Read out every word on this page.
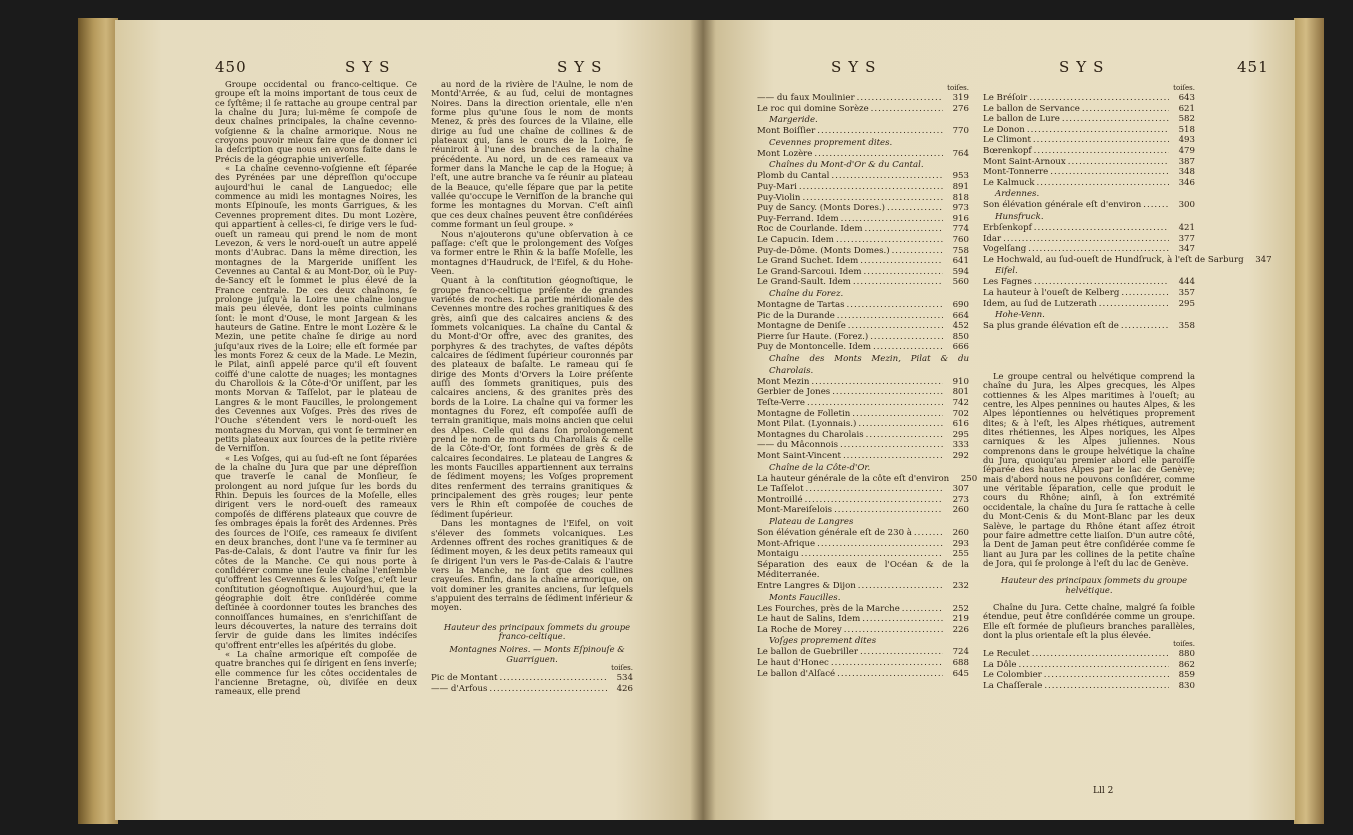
450	SYS	SYS

Groupe occidental ou franco-celtique. Ce groupe eſt la moins important de tous ceux de ce ſyſtême; il ſe rattache au groupe central par la chaîne du Jura; lui-même ſe compoſe de deux chaînes principales, la chaîne cevenno-voſgienne & la chaîne armorique. Nous ne croyons pouvoir mieux faire que de donner ici la deſcription que nous en avons faite dans le Précis de la géographie univerſelle.

« La chaîne cevenno-voſgienne eſt ſéparée des Pyrénées par une dépreſſion qu'occupe aujourd'hui le canal de Languedoc; elle commence au midi les montagnes Noires, les monts Eſpinouſe, les monts Garrigues, & les Cevennes proprement dites. Du mont Lozère, qui appartient à celles-ci, ſe dirige vers le ſud-oueſt un rameau qui prend le nom de mont Levezon, & vers le nord-oueſt un autre appelé monts d'Aubrac. Dans la même direction, les montagnes de la Margeride uniſſent les Cevennes au Cantal & au Mont-Dor, où le Puy-de-Sancy eſt le ſommet le plus élevé de la France centrale. De ces deux chaînons, ſe prolonge juſqu'à la Loire une chaîne longue mais peu élevée, dont les points culminans ſont: le mont d'Ouse, le mont Jargean & les hauteurs de Gatine. Entre le mont Lozère & le Mezin, une petite chaîne ſe dirige au nord juſqu'aux rives de la Loire; elle eſt formée par les monts Forez & ceux de la Made. Le Mezin, le Pilat, ainſi appelé parce qu'il eſt ſouvent coiffé d'une calotte de nuages; les montagnes du Charollois & la Côte-d'Or uniſſent, par les monts Morvan & Taſſelot, par le plateau de Langres & le mont Faucilles, le prolongement des Cevennes aux Voſges. Près des rives de l'Ouche s'étendent vers le nord-oueſt les montagnes du Morvan, qui vont ſe terminer en petits plateaux aux ſources de la petite rivière de Vernifſon.

« Les Voſges, qui au ſud-eſt ne ſont ſéparées de la chaîne du Jura que par une dépreſſion que traverſe le canal de Monſieur, ſe prolongent au nord juſque ſur les bords du Rhin. Depuis les ſources de la Moſelle, elles dirigent vers le nord-oueſt des rameaux compoſés de différens plateaux que couvre de ſes ombrages épais la forêt des Ardennes. Près des ſources de l'Oiſe, ces rameaux ſe diviſent en deux branches, dont l'une va ſe terminer au Pas-de-Calais, & dont l'autre va finir ſur les côtes de la Manche. Ce qui nous porte à conſidérer comme une ſeule chaîne l'enſemble qu'offrent les Cevennes & les Voſges, c'eſt leur conſtitution géognoſtique. Aujourd'hui, que la géographie doit être conſidérée comme deſtinée à coordonner toutes les branches des connoiſſances humaines, en s'enrichiſſant de leurs découvertes, la nature des terrains doit ſervir de guide dans les limites indéciſes qu'offrent entr'elles les aſpérités du globe.

« La chaîne armorique eſt compoſée de quatre branches qui ſe dirigent en ſens inverſe; elle commence ſur les côtes occidentales de l'ancienne Bretagne, où, diviſée en deux rameaux, elle prend

au nord de la rivière de l'Aulne, le nom de Montd'Arrée, & au ſud, celui de montagnes Noires. Dans la direction orientale, elle n'en forme plus qu'une ſous le nom de monts Menez, & près des ſources de la Vilaine, elle dirige au ſud une chaîne de collines & de plateaux qui, ſans le cours de la Loire, ſe réuniroit à l'une des branches de la chaîne précédente. Au nord, un de ces rameaux va former dans la Manche le cap de la Hogue; à l'eſt, une autre branche va ſe réunir au plateau de la Beauce, qu'elle ſépare que par la petite vallée qu'occupe le Vernifſon de la branche qui forme les montagnes du Morvan. C'eſt ainſi que ces deux chaînes peuvent être conſidérées comme formant un ſeul groupe. »

Nous n'ajouterons qu'une obſervation à ce paſſage: c'eſt que le prolongement des Voſges va former entre le Rhin & la baſſe Moſelle, les montagnes d'Haudruck, de l'Eifel, & du Hohe-Veen.

Quant à la conſtitution géognoſtique, le groupe franco-celtique préſente de grandes variétés de roches. La partie méridionale des Cevennes montre des roches granitiques & des grès, ainſi que des calcaires anciens & des ſommets volcaniques. La chaîne du Cantal & du Mont-d'Or offre, avec des granites, des porphyres & des trachytes, de vaſtes dépôts calcaires de ſédiment ſupérieur couronnés par des plateaux de baſalte. Le rameau qui ſe dirige des Monts d'Orvers la Loire préſente auſſi des ſommets granitiques, puis des calcaires anciens, & des granites près des bords de la Loire. La chaîne qui va former les montagnes du Forez, eſt compoſée auſſi de terrain granitique, mais moins ancien que celui des Alpes. Celle qui dans ſon prolongement prend le nom de monts du Charollais & celle de la Côte-d'Or, ſont formées de grès & de calcaires ſecondaires. Le plateau de Langres & les monts Faucilles appartiennent aux terrains de ſédiment moyens; les Voſges proprement dites renferment des terrains granitiques & principalement des grès rouges; leur pente vers le Rhin eſt compoſée de couches de ſédiment ſupérieur.

Dans les montagnes de l'Eifel, on voit s'élever des ſommets volcaniques. Les Ardennes offrent des roches granitiques & de ſédiment moyen, & les deux petits rameaux qui ſe dirigent l'un vers le Pas-de-Calais & l'autre vers la Manche, ne ſont que des collines crayeuſes. Enfin, dans la chaîne armorique, on voit dominer les granites anciens, ſur leſquels s'appuient des terrains de ſédiment inférieur & moyen.

Hauteur des principaux ſommets du groupe franco-celtique.

Montagnes Noires. — Monts Eſpinouſe & Guarriguen.

toiſes.
Pic de Montant .....	534
—— d'Arfous .....	426
SYS	SYS	451
toiſes.
—— du faux Moulinier .....	319
Le roc qui domine Sorèze .....	276
Margeride.
Mont Boiſſier .....	770
Cevennes proprement dites.
Mont Lozère .....	764
Chaînes du Mont-d'Or & du Cantal.
Plomb du Cantal .....	953
Puy-Mari .....	891
Puy-Violin .....	818
Puy de Sancy. (Monts Dores.) .....	973
Puy-Ferrand. Idem .....	916
Roc de Courlande. Idem .....	774
Le Capucin. Idem .....	760
Puy-de-Dôme. (Monts Domes.) .....	758
Le Grand Suchet. Idem .....	641
Le Grand-Sarcoui. Idem .....	594
Le Grand-Sault. Idem .....	560
Chaîne du Forez.
Montagne de Tartas .....	690
Pic de la Durande .....	664
Montagne de Deniſe .....	452
Pierre ſur Haute. (Forez.) .....	850
Puy de Montoncelle. Idem .....	666
Chaîne des Monts Mezin, Pilat & du Charolais.
Mont Mezin .....	910
Gerbier de Jones .....	801
Teſte-Verre .....	742
Montagne de Folletin .....	702
Mont Pilat. (Lyonnais.) .....	616
Montagnes du Charolais .....	295
—— du Mâconnois .....	333
Mont Saint-Vincent .....	292
Chaîne de la Côte-d'Or.
La hauteur générale de la côte eſt d'environ	250
Le Taſſelot .....	307
Montroillé .....	273
Mont-Mareiſelois .....	260
Plateau de Langres
Son élévation générale eſt de 230 à .....	260
Mont-Afrique .....	293
Montaigu .....	255
Séparation des eaux de l'Océan & de la Méditerranée.
Entre Langres & Dijon .....	232
Monts Faucilles.
Les Fourches, près de la Marche .....	252
Le haut de Salins, Idem .....	219
La Roche de Morey .....	226
Voſges proprement dites
Le ballon de Guebriller .....	724
Le haut d'Honec .....	688
Le ballon d'Alſacé .....	645
toiſes.
Le Bréſoir .....	643
Le ballon de Servance .....	621
Le ballon de Lure .....	582
Le Donon .....	518
Le Climont .....	493
Bœrenkopf .....	479
Mont Saint-Arnoux .....	387
Mont-Tonnerre .....	348
Le Kalmuck .....	346
Ardennes.
Son élévation générale eſt d'environ .....	300
Hunsfruck.
Erbſenkopf .....	421
Idar .....	377
Vogelſang .....	347
Le Hochwald, au ſud-oueſt de Hundſruck, à l'eſt de Sarburg	347
Eifel.
Les Fagnes .....	444
La hauteur à l'oueſt de Kelberg .....	357
Idem, au ſud de Lutzerath .....	295
Hohe-Venn.
Sa plus grande élévation eſt de .....	358

Le groupe central ou helvétique comprend la chaîne du Jura, les Alpes grecques, les Alpes cottiennes & les Alpes maritimes à l'oueſt; au centre, les Alpes pennines ou hautes Alpes, & les Alpes lépontiennes ou helvétiques proprement dites; & à l'eſt, les Alpes rhétiques, autrement dites rhétiennes, les Alpes noriques, les Alpes carniques & les Alpes juliennes. Nous comprenons dans le groupe helvétique la chaîne du Jura, quoiqu'au premier abord elle paroiſſe ſéparée des hautes Alpes par le lac de Genève; mais d'abord nous ne pouvons conſidérer, comme une véritable ſéparation, celle que produit le cours du Rhône; ainſi, à ſon extrémité occidentale, la chaîne du Jura ſe rattache à celle du Mont-Cenis & du Mont-Blanc par les deux Salève, le partage du Rhône étant aſſez étroit pour faire admettre cette liaiſon. D'un autre côté, la Dent de Jaman peut être conſidérée comme ſe liant au Jura par les collines de la petite chaîne de Jora, qui ſe prolonge à l'eſt du lac de Genève.

Hauteur des principaux ſommets du groupe helvétique.

Chaîne du Jura. Cette chaîne, malgré ſa foible étendue, peut être conſidérée comme un groupe. Elle eſt formée de pluſieurs branches parallèles, dont la plus orientale eſt la plus élevée.

toiſes.
Le Reculet .....	880
La Dôle .....	862
Le Colombier .....	859
La Chaſſerale .....	830
Lll 2
